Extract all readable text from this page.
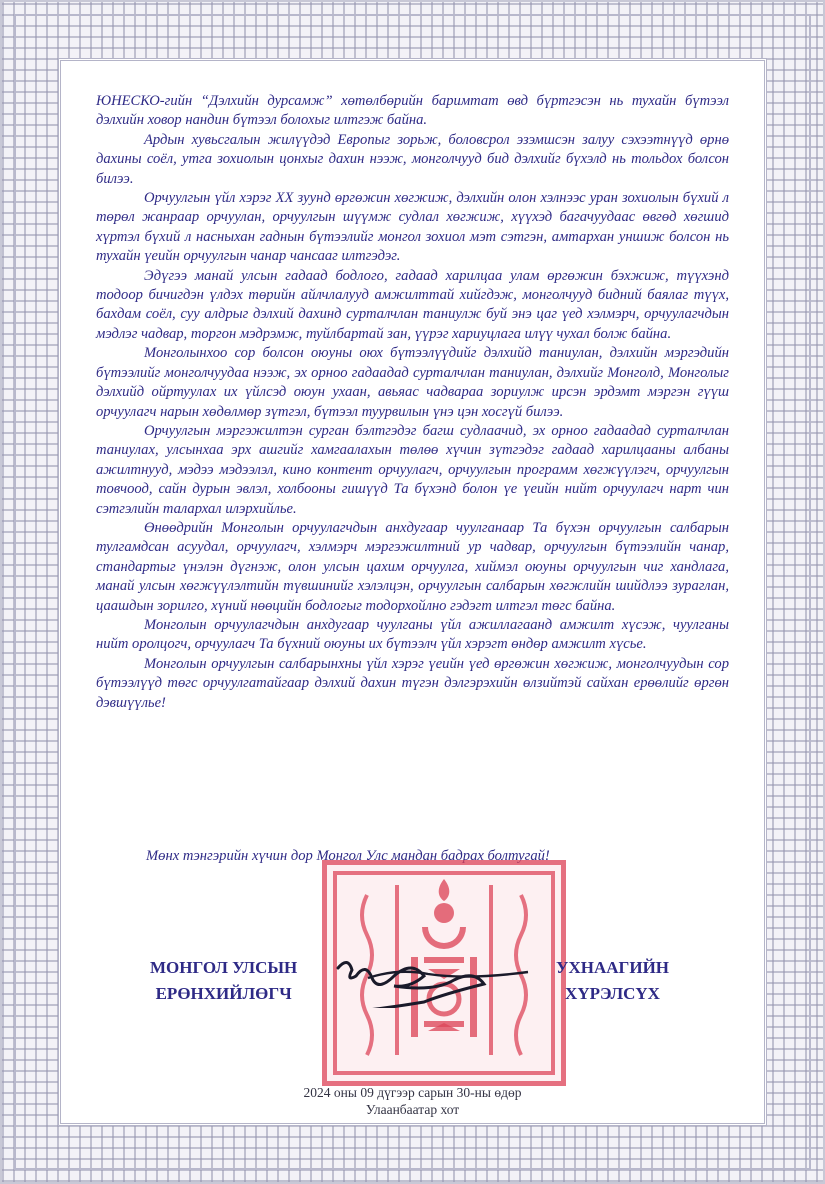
ЮНЕСКО-гийн “Дэлхийн дурсамж” хөтөлбөрийн баримтат өвд бүртгэсэн нь тухайн бүтээл дэлхийн ховор нандин бүтээл болохыг илтгэж байна.

Ардын хувьсгалын жилүүдэд Европыг зорьж, боловсрол эзэмшсэн залуу сэхээтнүүд өрнө дахины соёл, утга зохиолын цонхыг дахин нээж, монголчууд бид дэлхийг бүхэлд нь тольдох болсон билээ.

Орчуулгын үйл хэрэг XX зуунд өргөжин хөгжиж, дэлхийн олон хэлнээс уран зохиолын бүхий л төрөл жанраар орчуулан, орчуулгын шүүмж судлал хөгжиж, хүүхэд багачуудаас өвгөд хөгшид хүртэл бүхий л насныхан гаднын бүтээлийг монгол зохиол мэт сэтгэн, амтархан уншиж болсон нь тухайн үеийн орчуулгын чанар чансааг илтгэдэг.

Эдүгээ манай улсын гадаад бодлого, гадаад харилцаа улам өргөжин бэхжиж, түүхэнд тодоор бичигдэн үлдэх төрийн айлчлалууд амжилттай хийгдэж, монголчууд бидний баялаг түүх, бахдам соёл, суу алдрыг дэлхий дахинд сурталчлан таниулж буй энэ цаг үед хэлмэрч, орчуулагчдын мэдлэг чадвар, торгон мэдрэмж, туйлбартай зан, үүрэг хариуцлага илүү чухал болж байна.

Монголынхоо сор болсон оюуны оюх бүтээлүүдийг дэлхийд таниулан, дэлхийн мэргэдийн бүтээлийг монголчуудаа нээж, эх орноо гадаадад сурталчлан таниулан, дэлхийг Монголд, Монголыг дэлхийд ойртуулах их үйлсэд оюун ухаан, авьяас чадвараа зориулж ирсэн эрдэмт мэргэн гүүш орчуулагч нарын хөдөлмөр зүтгэл, бүтээл туурвилын үнэ цэн хосгүй билээ.

Орчуулгын мэргэжилтэн сурган бэлтгэдэг багш судлаачид, эх орноо гадаадад сурталчлан таниулах, улсынхаа эрх ашгийг хамгаалахын төлөө хүчин зүтгэдэг гадаад харилцааны албаны ажилтнууд, мэдээ мэдээлэл, кино контент орчуулагч, орчуулгын программ хөгжүүлэгч, орчуулгын товчоод, сайн дурын эвлэл, холбооны гишүүд Та бүхэнд болон үе үеийн нийт орчуулагч нарт чин сэтгэлийн талархал илэрхийлье.

Өнөөдрийн Монголын орчуулагчдын анхдугаар чуулганаар Та бүхэн орчуулгын салбарын тулгамдсан асуудал, орчуулагч, хэлмэрч мэргэжилтний ур чадвар, орчуулгын бүтээлийн чанар, стандартыг үнэлэн дүгнэж, олон улсын цахим орчуулга, хиймэл оюуны орчуулгын чиг хандлага, манай улсын хөгжүүлэлтийн түвшинийг хэлэлцэн, орчуулгын салбарын хөгжлийн шийдлээ зураглан, цаашдын зорилго, хүний нөөцийн бодлогыг тодорхойлно гэдэгт илтгэл төгс байна.

Монголын орчуулагчдын анхдугаар чуулганы үйл ажиллагаанд амжилт хүсэж, чуулганы нийт оролцогч, орчуулагч Та бүхний оюуны их бүтээлч үйл хэрэгт өндөр амжилт хүсье.

Монголын орчуулгын салбарынхны үйл хэрэг үеийн үед өргөжин хөгжиж, монголчуудын сор бүтээлүүд төгс орчуулгатайгаар дэлхий дахин түгэн дэлгэрэхийн өлзийтэй сайхан ерөөлийг өргөн дэвшүүлье!

Мөнх тэнгэрийн хүчин дор Монгол Улс мандан бадрах болтугай!
МОНГОЛ УЛСЫН
ЕРӨНХИЙЛӨГЧ
УХНААГИЙН
ХҮРЭЛСҮХ
2024 оны 09 дүгээр сарын 30-ны өдөр
Улаанбаатар хот
